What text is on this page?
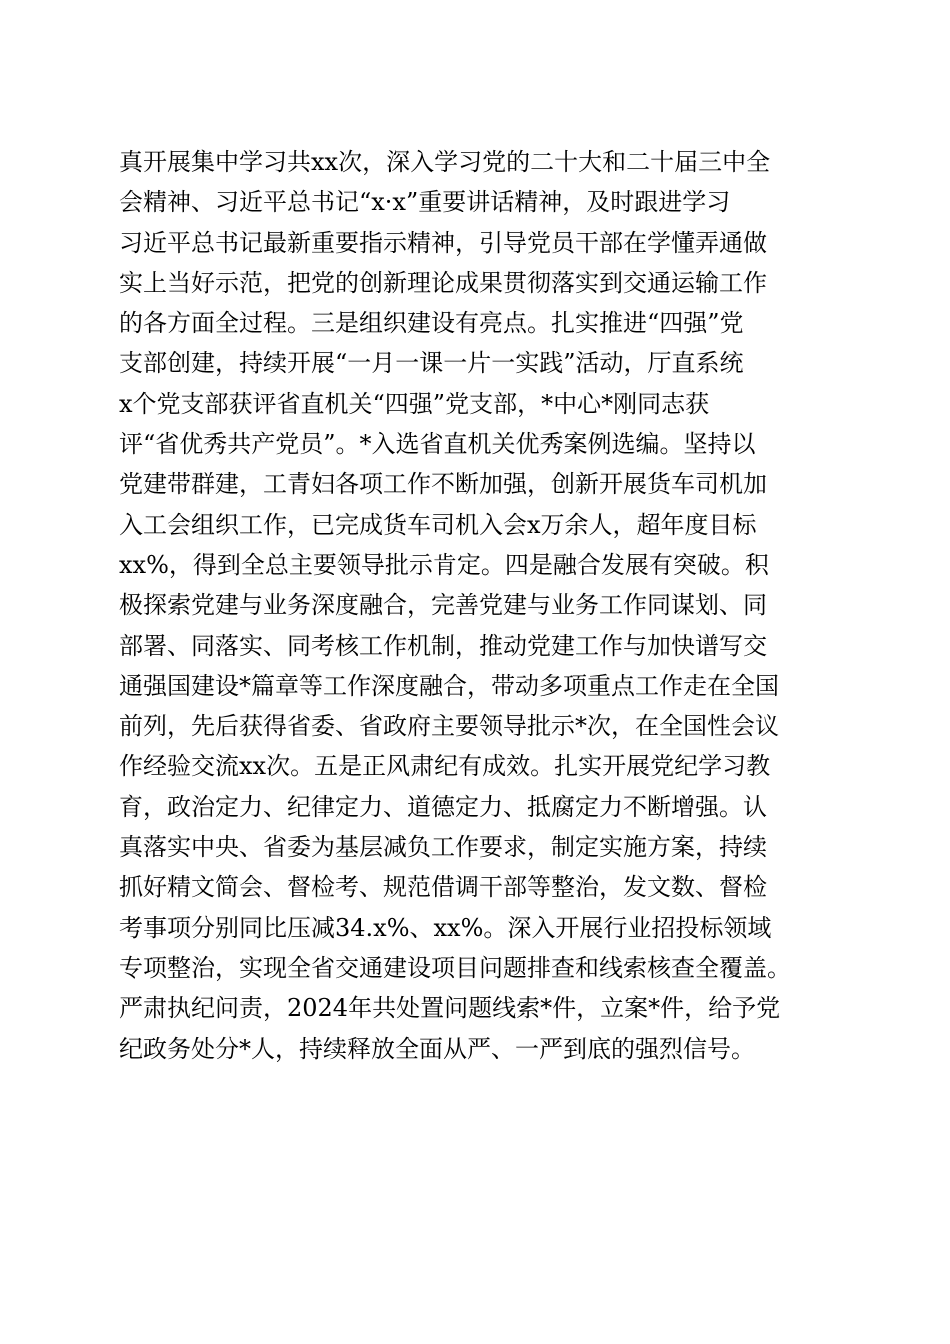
真开展集中学习共xx次，深入学习党的二十大和二十届三中全
会精神、习近平总书记“x·x”重要讲话精神，及时跟进学习
习近平总书记最新重要指示精神，引导党员干部在学懂弄通做
实上当好示范，把党的创新理论成果贯彻落实到交通运输工作
的各方面全过程。三是组织建设有亮点。扎实推进“四强”党
支部创建，持续开展“一月一课一片一实践”活动，厅直系统
x个党支部获评省直机关“四强”党支部，*中心*刚同志获
评“省优秀共产党员”。*入选省直机关优秀案例选编。坚持以
党建带群建，工青妇各项工作不断加强，创新开展货车司机加
入工会组织工作，已完成货车司机入会x万余人，超年度目标
xx%，得到全总主要领导批示肯定。四是融合发展有突破。积
极探索党建与业务深度融合，完善党建与业务工作同谋划、同
部署、同落实、同考核工作机制，推动党建工作与加快谱写交
通强国建设*篇章等工作深度融合，带动多项重点工作走在全国
前列，先后获得省委、省政府主要领导批示*次，在全国性会议
作经验交流xx次。五是正风肃纪有成效。扎实开展党纪学习教
育，政治定力、纪律定力、道德定力、抵腐定力不断增强。认
真落实中央、省委为基层减负工作要求，制定实施方案，持续
抓好精文简会、督检考、规范借调干部等整治，发文数、督检
考事项分别同比压减34.x%、xx%。深入开展行业招投标领域
专项整治，实现全省交通建设项目问题排查和线索核查全覆盖。
严肃执纪问责，2024年共处置问题线索*件，立案*件，给予党
纪政务处分*人，持续释放全面从严、一严到底的强烈信号。
